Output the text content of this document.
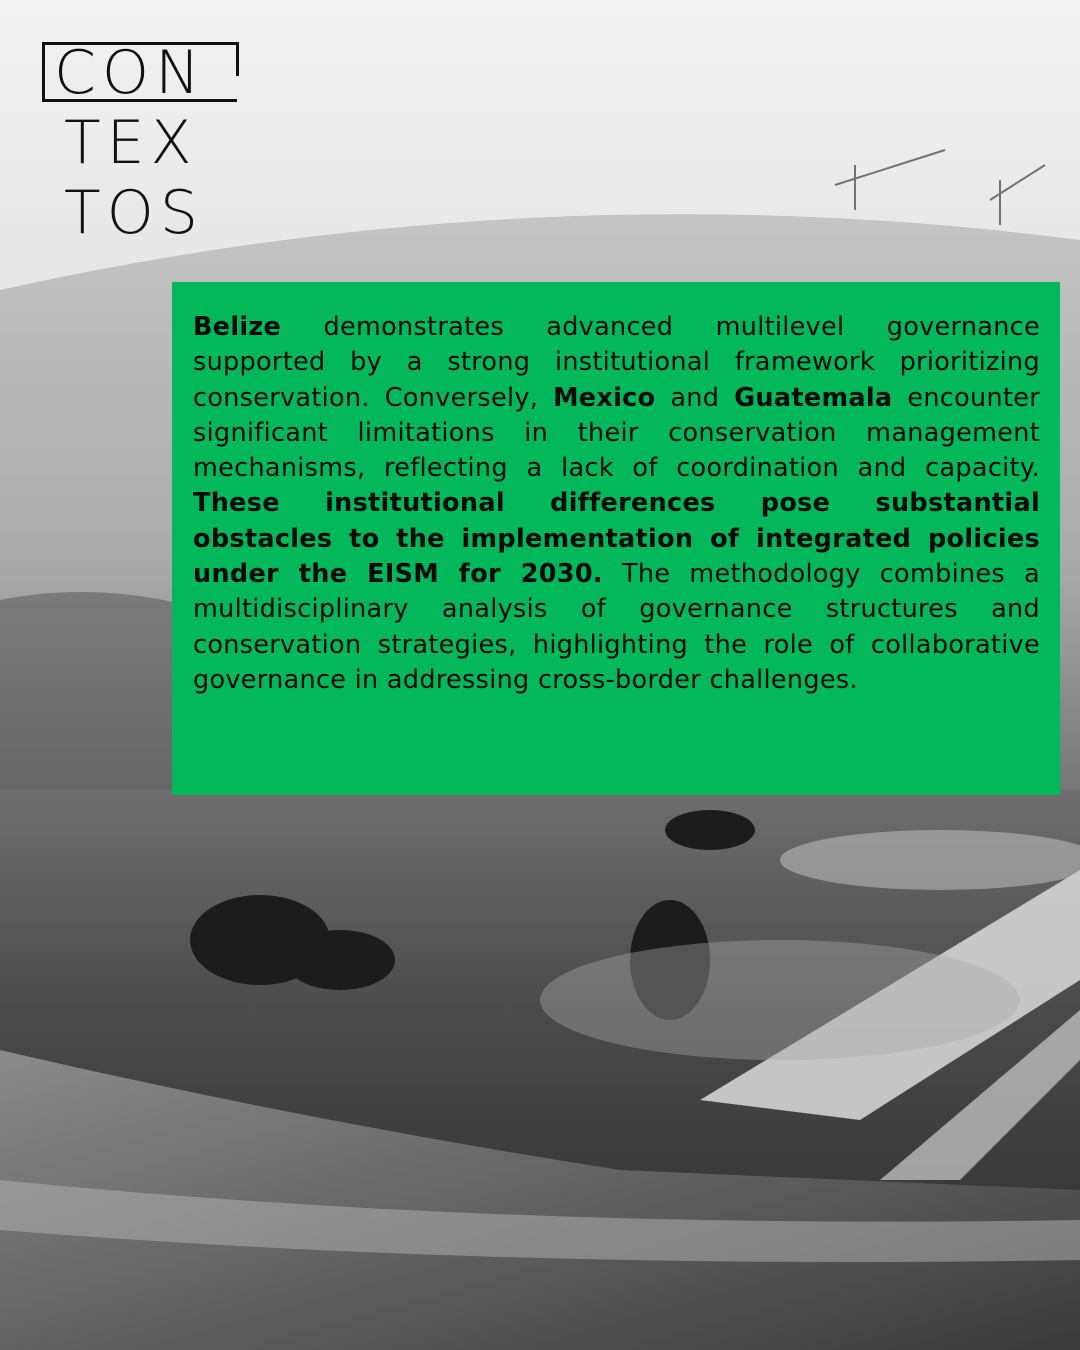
CON
TEX
TOS

Belize demonstrates advanced multilevel governance supported by a strong institutional framework prioritizing conservation. Conversely, Mexico and Guatemala encounter significant limitations in their conservation management mechanisms, reflecting a lack of coordination and capacity. These institutional differences pose substantial obstacles to the implementation of integrated policies under the EISM for 2030. The methodology combines a multidisciplinary analysis of governance structures and conservation strategies, highlighting the role of collaborative governance in addressing cross-border challenges.
